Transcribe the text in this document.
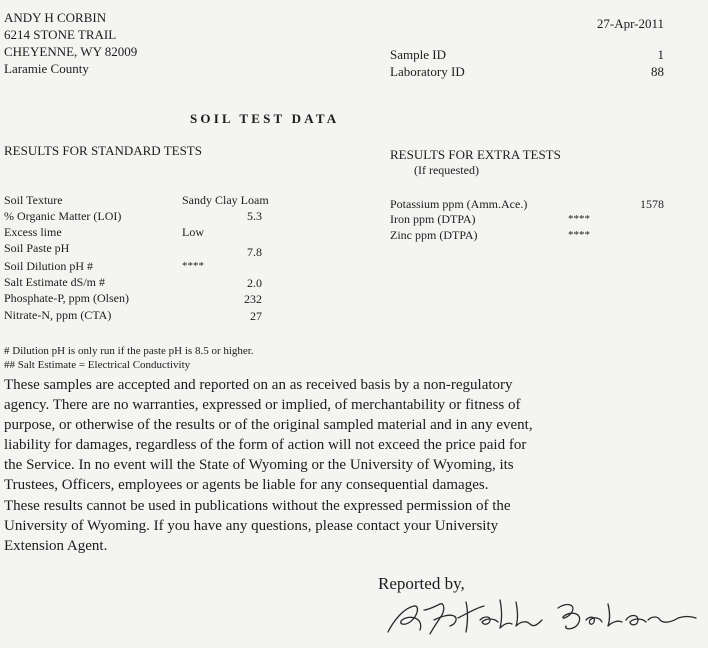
ANDY H CORBIN
6214 STONE TRAIL
CHEYENNE, WY 82009
Laramie County
27-Apr-2011
Sample ID	1
Laboratory ID	88
SOIL TEST DATA
RESULTS FOR STANDARD TESTS
Soil Texture	Sandy Clay Loam
% Organic Matter (LOI)	5.3
Excess lime	Low
Soil Paste pH	7.8
Soil Dilution pH #	****
Salt Estimate dS/m #	2.0
Phosphate-P, ppm (Olsen)	232
Nitrate-N, ppm (CTA)	27
RESULTS FOR EXTRA TESTS
(If requested)
Potassium ppm (Amm.Ace.)	1578
Iron ppm (DTPA)	****
Zinc ppm (DTPA)	****
# Dilution pH is only run if the paste pH is 8.5 or higher.
## Salt Estimate = Electrical Conductivity
These samples are accepted and reported on an as received basis by a non-regulatory
agency. There are no warranties, expressed or implied, of merchantability or fitness of
purpose, or otherwise of the results or of the original sampled material and in any event,
liability for damages, regardless of the form of action will not exceed the price paid for
the Service. In no event will the State of Wyoming or the University of Wyoming, its
Trustees, Officers, employees or agents be liable for any consequential damages.
These results cannot be used in publications without the expressed permission of the
University of Wyoming. If you have any questions, please contact your University
Extension Agent.
Reported by,
